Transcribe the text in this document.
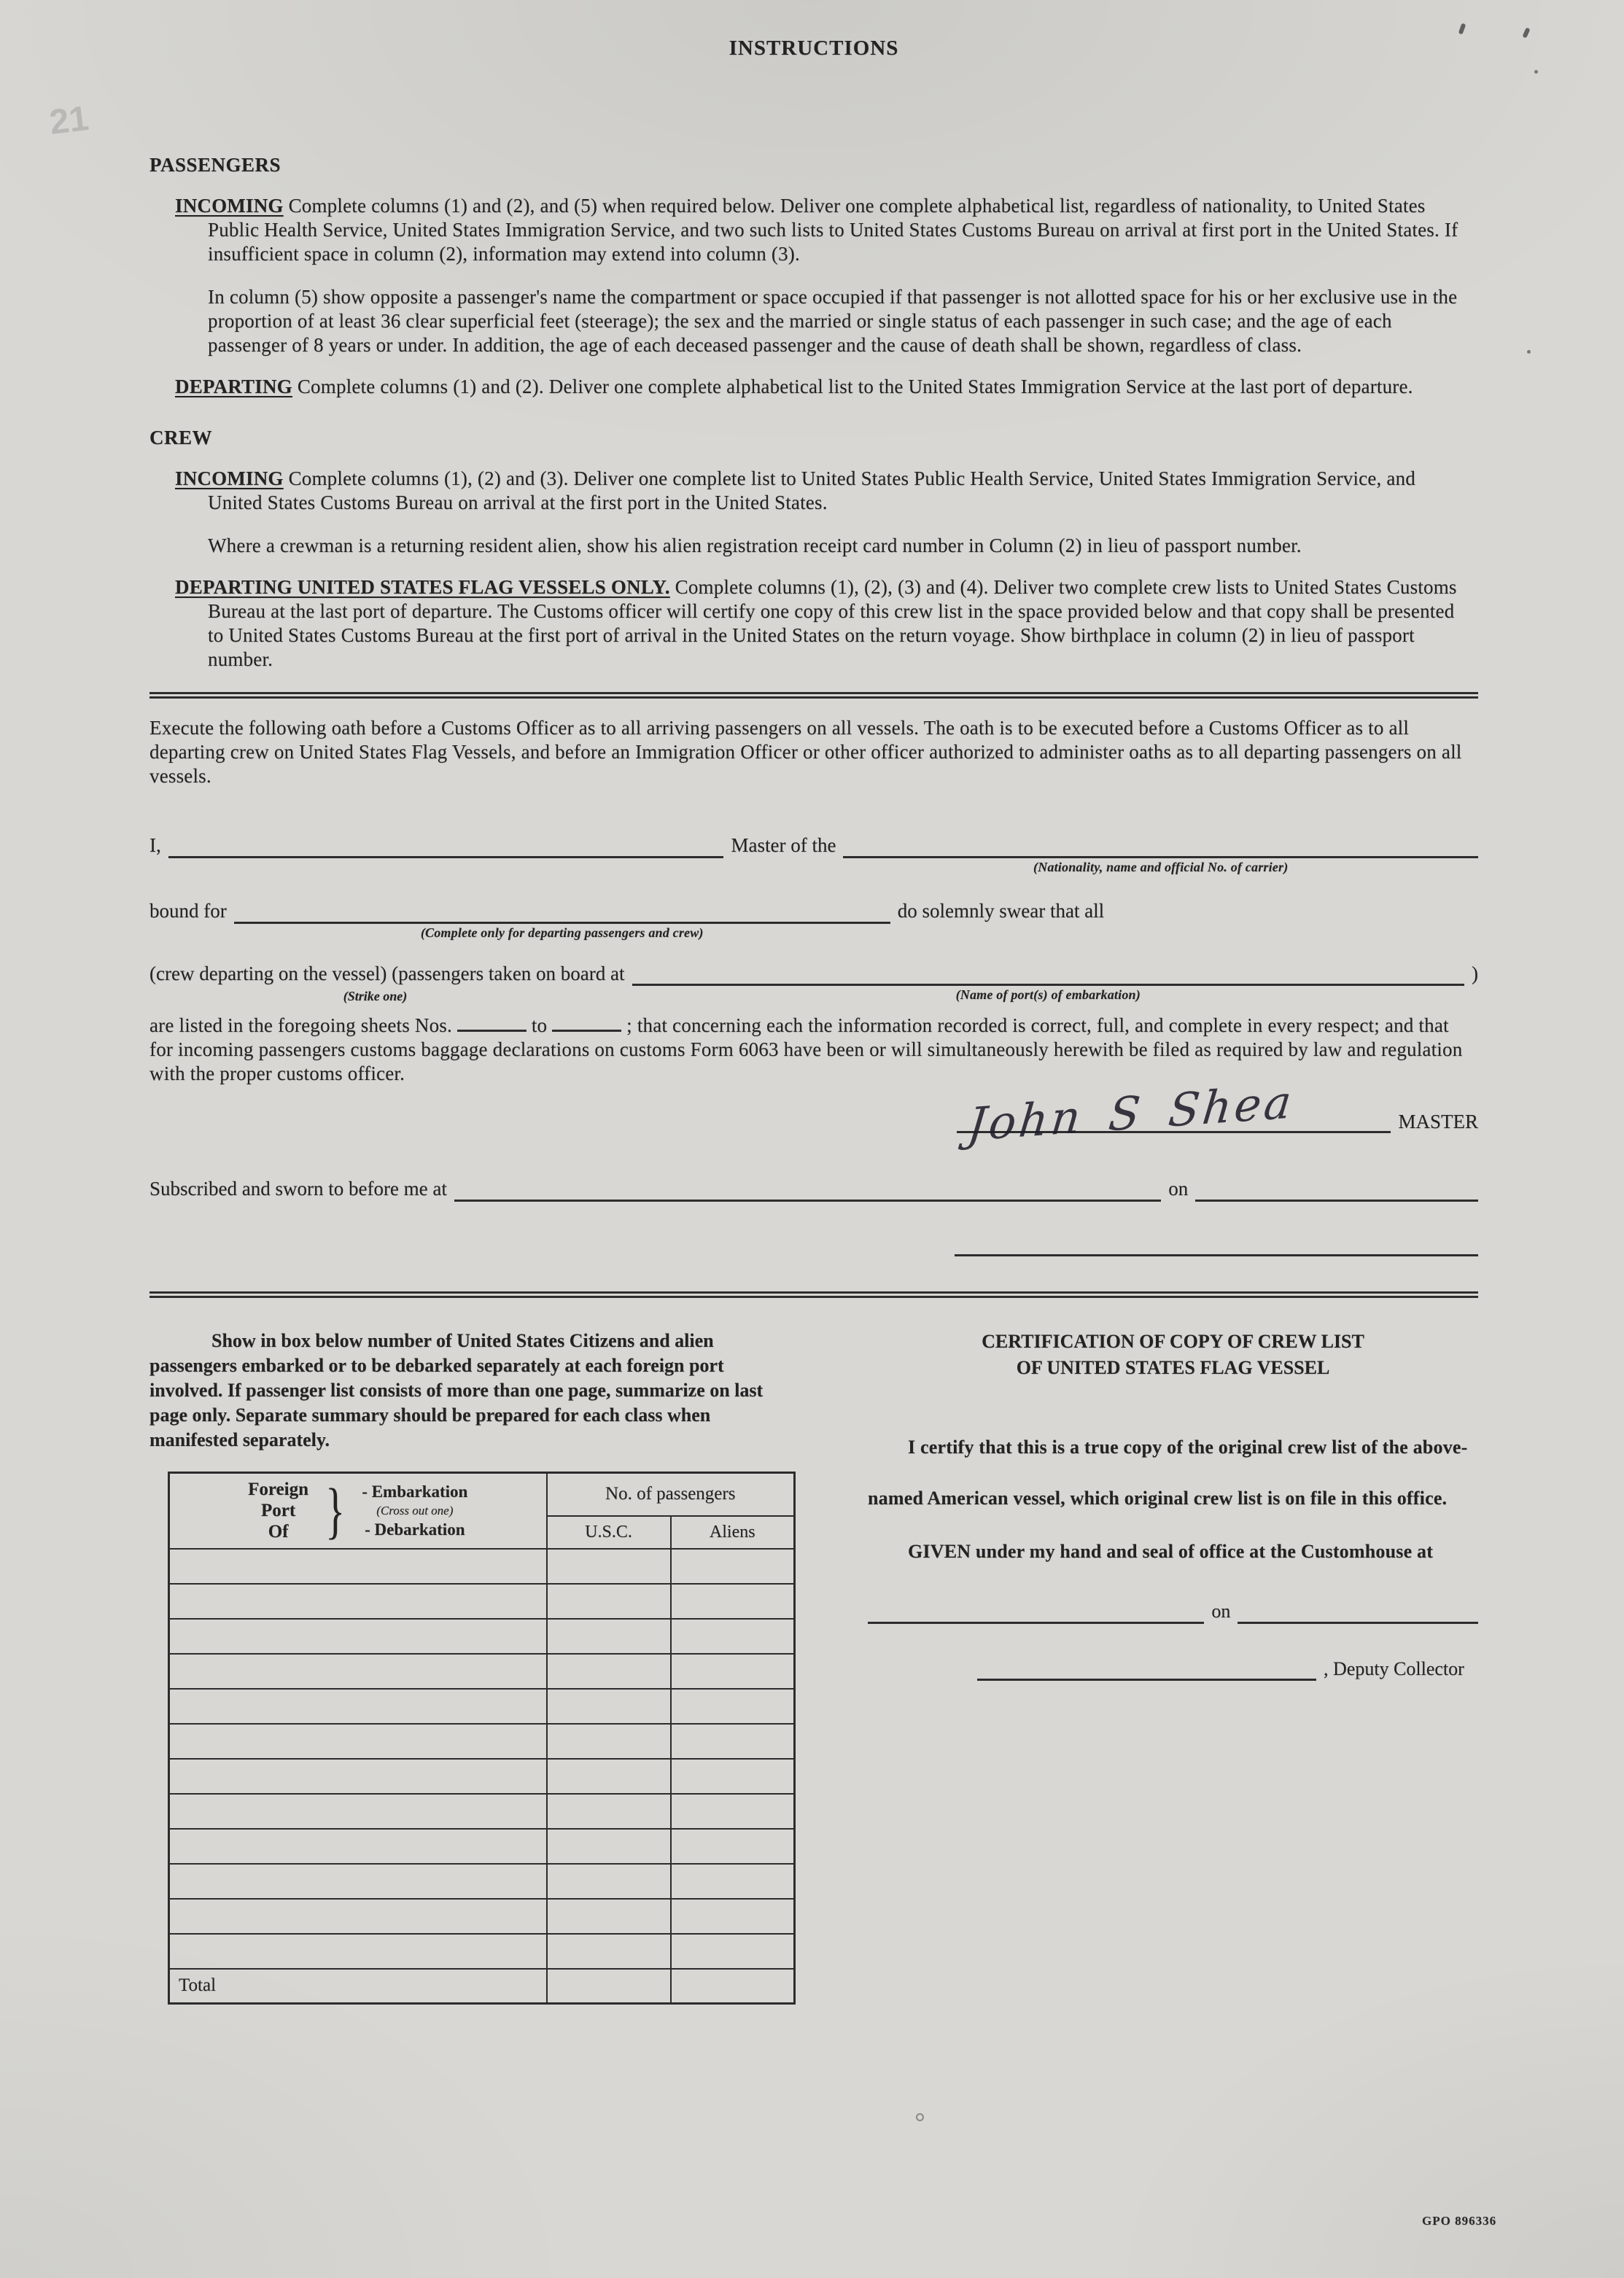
21
INSTRUCTIONS
PASSENGERS

INCOMING Complete columns (1) and (2), and (5) when required below. Deliver one complete alphabetical list, regardless of nationality, to United States Public Health Service, United States Immigration Service, and two such lists to United States Customs Bureau on arrival at first port in the United States. If insufficient space in column (2), information may extend into column (3).

In column (5) show opposite a passenger's name the compartment or space occupied if that passenger is not allotted space for his or her exclusive use in the proportion of at least 36 clear superficial feet (steerage); the sex and the married or single status of each passenger in such case; and the age of each passenger of 8 years or under. In addition, the age of each deceased passenger and the cause of death shall be shown, regardless of class.

DEPARTING Complete columns (1) and (2). Deliver one complete alphabetical list to the United States Immigration Service at the last port of departure.

CREW

INCOMING Complete columns (1), (2) and (3). Deliver one complete list to United States Public Health Service, United States Immigration Service, and United States Customs Bureau on arrival at the first port in the United States.

Where a crewman is a returning resident alien, show his alien registration receipt card number in Column (2) in lieu of passport number.

DEPARTING UNITED STATES FLAG VESSELS ONLY. Complete columns (1), (2), (3) and (4). Deliver two complete crew lists to United States Customs Bureau at the last port of departure. The Customs officer will certify one copy of this crew list in the space provided below and that copy shall be presented to United States Customs Bureau at the first port of arrival in the United States on the return voyage. Show birthplace in column (2) in lieu of passport number.

Execute the following oath before a Customs Officer as to all arriving passengers on all vessels. The oath is to be executed before a Customs Officer as to all departing crew on United States Flag Vessels, and before an Immigration Officer or other officer authorized to administer oaths as to all departing passengers on all vessels.

I,	Master of the
(Nationality, name and official No. of carrier)
bound for
(Complete only for departing passengers and crew)
do solemnly swear that all
(crew departing on the vessel) (passengers taken on board at
(Strike one)	(Name of port(s) of embarkation)
)

are listed in the foregoing sheets Nos.	to	; that concerning each the information recorded is correct, full, and complete in every respect; and that for incoming passengers customs baggage declarations on customs Form 6063 have been or will simultaneously herewith be filed as required by law and regulation with the proper customs officer.

John S Shea	MASTER
Subscribed and sworn to before me at	on

Show in box below number of United States Citizens and alien passengers embarked or to be debarked separately at each foreign port involved. If passenger list consists of more than one page, summarize on last page only. Separate summary should be prepared for each class when manifested separately.

Foreign
Port
Of } - Embarkation
(Cross out one)
- Debarkation
	No. of passengers
	U.S.C.	Aliens

Total		
CERTIFICATION OF COPY OF CREW LIST
OF UNITED STATES FLAG VESSEL
I certify that this is a true copy of the original crew list of the above-
named American vessel, which original crew list is on file in this office.
GIVEN under my hand and seal of office at the Customhouse at
on
, Deputy Collector
GPO 896336
